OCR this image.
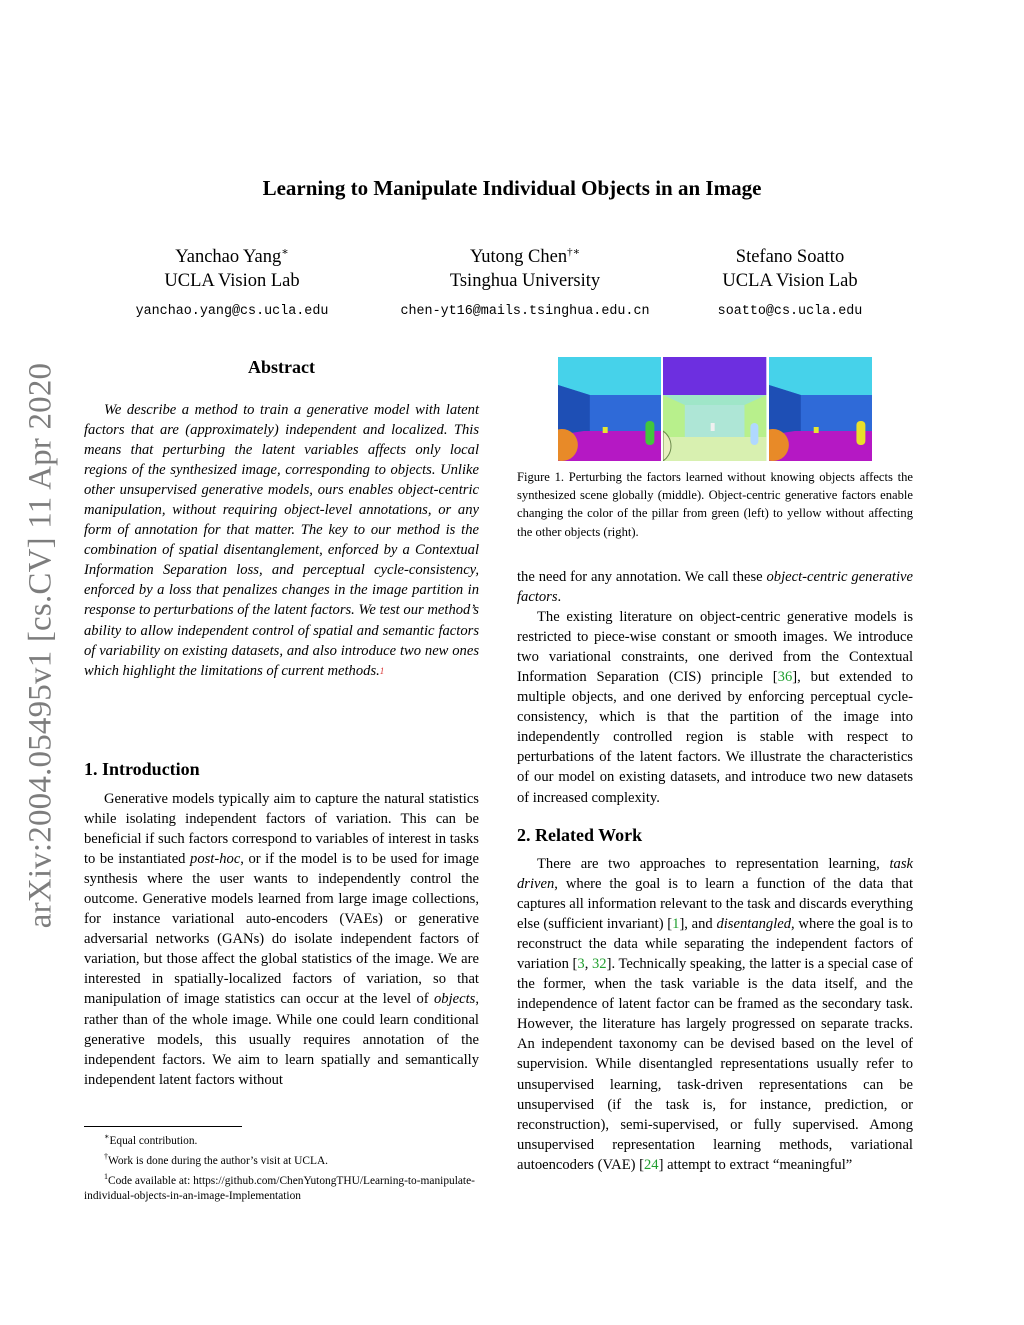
arXiv:2004.05495v1 [cs.CV] 11 Apr 2020
Learning to Manipulate Individual Objects in an Image
Yanchao Yang∗
UCLA Vision Lab
yanchao.yang@cs.ucla.edu
Yutong Chen†∗
Tsinghua University
chen-yt16@mails.tsinghua.edu.cn
Stefano Soatto
UCLA Vision Lab
soatto@cs.ucla.edu
Abstract

We describe a method to train a generative model with latent factors that are (approximately) independent and localized. This means that perturbing the latent variables affects only local regions of the synthesized image, corresponding to objects. Unlike other unsupervised generative models, ours enables object-centric manipulation, without requiring object-level annotations, or any form of annotation for that matter. The key to our method is the combination of spatial disentanglement, enforced by a Contextual Information Separation loss, and perceptual cycle-consistency, enforced by a loss that penalizes changes in the image partition in response to perturbations of the latent factors. We test our method’s ability to allow independent control of spatial and semantic factors of variability on existing datasets, and also introduce two new ones which highlight the limitations of current methods.$^1$

1. Introduction

Generative models typically aim to capture the natural statistics while isolating independent factors of variation. This can be beneficial if such factors correspond to variables of interest in tasks to be instantiated post-hoc, or if the model is to be used for image synthesis where the user wants to independently control the outcome. Generative models learned from large image collections, for instance variational auto-encoders (VAEs) or generative adversarial networks (GANs) do isolate independent factors of variation, but those affect the global statistics of the image. We are interested in spatially-localized factors of variation, so that manipulation of image statistics can occur at the level of objects, rather than of the whole image. While one could learn conditional generative models, this usually requires annotation of the independent factors. We aim to learn spatially and semantically independent latent factors without

∗Equal contribution.

†Work is done during the author’s visit at UCLA.

$^1$Code available at: https://github.com/ChenYutongTHU/Learning-to-manipulate-individual-objects-in-an-image-Implementation

Figure 1. Perturbing the factors learned without knowing objects affects the synthesized scene globally (middle). Object-centric generative factors enable changing the color of the pillar from green (left) to yellow without affecting the other objects (right).

the need for any annotation. We call these object-centric generative factors.

The existing literature on object-centric generative models is restricted to piece-wise constant or smooth images. We introduce two variational constraints, one derived from the Contextual Information Separation (CIS) principle [36], but extended to multiple objects, and one derived by enforcing perceptual cycle-consistency, which is that the partition of the image into independently controlled region is stable with respect to perturbations of the latent factors. We illustrate the characteristics of our model on existing datasets, and introduce two new datasets of increased complexity.

2. Related Work

There are two approaches to representation learning, task driven, where the goal is to learn a function of the data that captures all information relevant to the task and discards everything else (sufficient invariant) [1], and disentangled, where the goal is to reconstruct the data while separating the independent factors of variation [3, 32]. Technically speaking, the latter is a special case of the former, when the task variable is the data itself, and the independence of latent factor can be framed as the secondary task. However, the literature has largely progressed on separate tracks. An independent taxonomy can be devised based on the level of supervision. While disentangled representations usually refer to unsupervised learning, task-driven representations can be unsupervised (if the task is, for instance, prediction, or reconstruction), semi-supervised, or fully supervised. Among unsupervised representation learning methods, variational autoencoders (VAE) [24] attempt to extract “meaningful”
